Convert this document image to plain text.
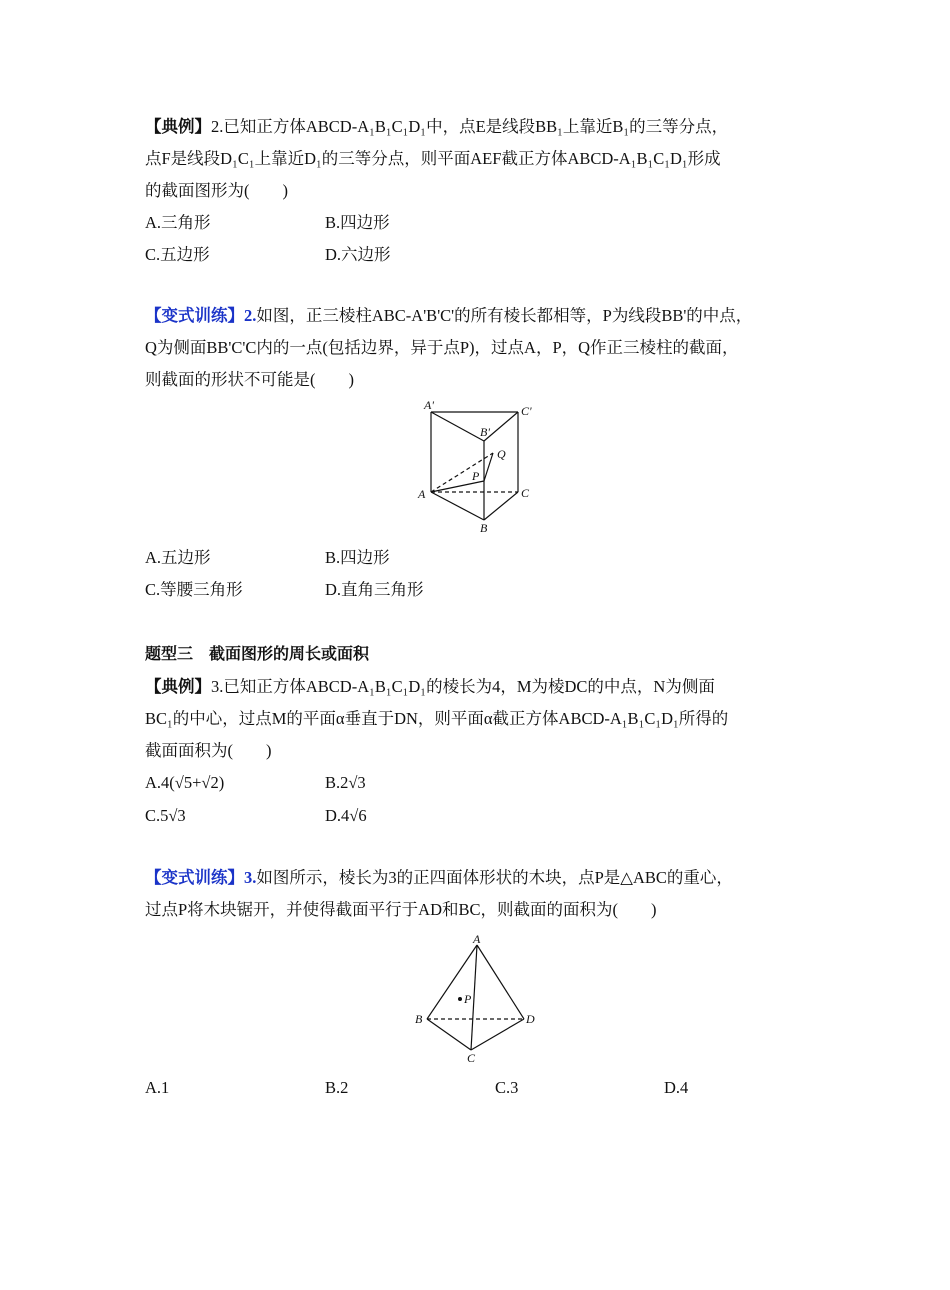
【典例】2.已知正方体ABCD-A₁B₁C₁D₁中，点E是线段BB₁上靠近B₁的三等分点，
点F是线段D₁C₁上靠近D₁的三等分点，则平面AEF截正方体ABCD-A₁B₁C₁D₁形成
的截面图形为(　　)
A.三角形	B.四边形
C.五边形	D.六边形
【变式训练】2.如图，正三棱柱ABC-A'B'C'的所有棱长都相等，P为线段BB'的中点，
Q为侧面BB'C'C内的一点(包括边界，异于点P)，过点A，P，Q作正三棱柱的截面，
则截面的形状不可能是(　　)
A'	C'
B'
Q
P
A	C
B
A.五边形	B.四边形
C.等腰三角形	D.直角三角形
题型三　截面图形的周长或面积
【典例】3.已知正方体ABCD-A₁B₁C₁D₁的棱长为4，M为棱DC的中点，N为侧面
BC₁的中心，过点M的平面α垂直于DN，则平面α截正方体ABCD-A₁B₁C₁D₁所得的
截面面积为(　　)
A.4(√5+√2)	B.2√3
C.5√3	D.4√6
【变式训练】3.如图所示，棱长为3的正四面体形状的木块，点P是△ABC的重心，
过点P将木块锯开，并使得截面平行于AD和BC，则截面的面积为(　　)
A
P
B	D
C
A.1	B.2	C.3	D.4
